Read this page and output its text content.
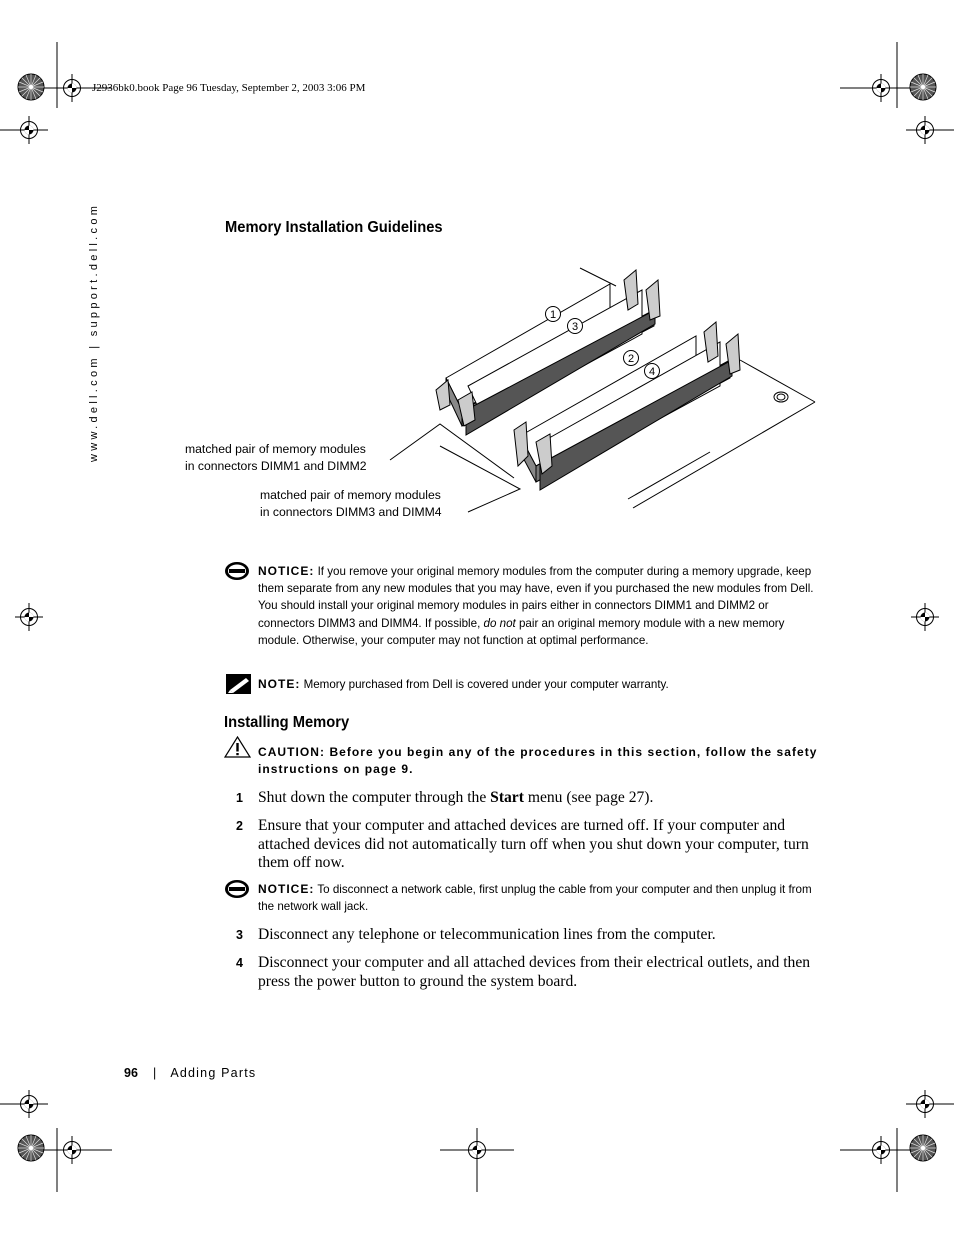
J2936bk0.book Page 96 Tuesday, September 2, 2003 3:06 PM
www.dell.com | support.dell.com	Memory Installation Guidelines
1
3
2
4
matched pair of memory modules
in connectors DIMM1 and DIMM2
matched pair of memory modules
in connectors DIMM3 and DIMM4
NOTICE: If you remove your original memory modules from the computer during a memory upgrade, keep them separate from any new modules that you may have, even if you purchased the new modules from Dell. You should install your original memory modules in pairs either in connectors DIMM1 and DIMM2 or connectors DIMM3 and DIMM4. If possible, do not pair an original memory module with a new memory module. Otherwise, your computer may not function at optimal performance.
NOTE: Memory purchased from Dell is covered under your computer warranty.
Installing Memory
CAUTION: Before you begin any of the procedures in this section, follow the safety instructions on page 9.
1 Shut down the computer through the Start menu (see page 27).
2 Ensure that your computer and attached devices are turned off. If your computer and attached devices did not automatically turn off when you shut down your computer, turn them off now.
NOTICE: To disconnect a network cable, first unplug the cable from your computer and then unplug it from the network wall jack.
3 Disconnect any telephone or telecommunication lines from the computer.
4 Disconnect your computer and all attached devices from their electrical outlets, and then press the power button to ground the system board.
96 | Adding Parts
